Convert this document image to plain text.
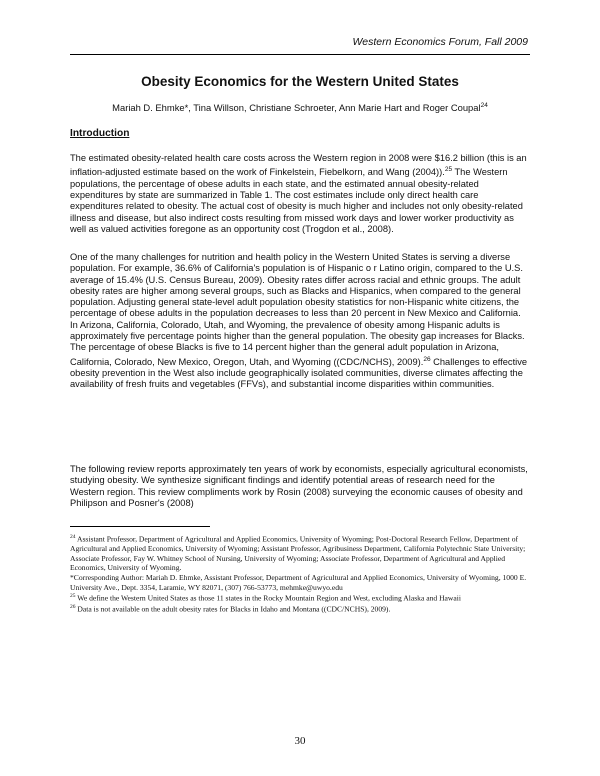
Western Economics Forum, Fall 2009
Obesity Economics for the Western United States
Mariah D. Ehmke*, Tina Willson, Christiane Schroeter, Ann Marie Hart and Roger Coupal$^{24}$
Introduction

The estimated obesity-related health care costs across the Western region in 2008 were $16.2 billion (this is an inflation-adjusted estimate based on the work of Finkelstein, Fiebelkorn, and Wang (2004)).$^{25}$ The Western populations, the percentage of obese adults in each state, and the estimated annual obesity-related expenditures by state are summarized in Table 1. The cost estimates include only direct health care expenditures related to obesity. The actual cost of obesity is much higher and includes not only obesity-related illness and disease, but also indirect costs resulting from missed work days and lower worker productivity as well as valued activities foregone as an opportunity cost (Trogdon et al., 2008).

One of the many challenges for nutrition and health policy in the Western United States is serving a diverse population. For example, 36.6% of California's population is of Hispanic o r Latino origin, compared to the U.S. average of 15.4% (U.S. Census Bureau, 2009). Obesity rates differ across racial and ethnic groups. The adult obesity rates are higher among several groups, such as Blacks and Hispanics, when compared to the general population. Adjusting general state-level adult population obesity statistics for non-Hispanic white citizens, the percentage of obese adults in the population decreases to less than 20 percent in New Mexico and California. In Arizona, California, Colorado, Utah, and Wyoming, the prevalence of obesity among Hispanic adults is approximately five percentage points higher than the general population. The obesity gap increases for Blacks. The percentage of obese Blacks is five to 14 percent higher than the general adult population in Arizona, California, Colorado, New Mexico, Oregon, Utah, and Wyoming ((CDC/NCHS), 2009).$^{26}$ Challenges to effective obesity prevention in the West also include geographically isolated communities, diverse climates affecting the availability of fresh fruits and vegetables (FFVs), and substantial income disparities within communities.

The following review reports approximately ten years of work by economists, especially agricultural economists, studying obesity. We synthesize significant findings and identify potential areas of research need for the Western region. This review compliments work by Rosin (2008) surveying the economic causes of obesity and Philipson and Posner's (2008)

$^{24}$ Assistant Professor, Department of Agricultural and Applied Economics, University of Wyoming; Post-Doctoral Research Fellow, Department of Agricultural and Applied Economics, University of Wyoming; Assistant Professor, Agribusiness Department, California Polytechnic State University; Associate Professor, Fay W. Whitney School of Nursing, University of Wyoming; Associate Professor, Department of Agricultural and Applied Economics, University of Wyoming.

*Corresponding Author: Mariah D. Ehmke, Assistant Professor, Department of Agricultural and Applied Economics, University of Wyoming, 1000 E. University Ave., Dept. 3354, Laramie, WY 82071, (307) 766-53773, mehmke@uwyo.edu

$^{25}$ We define the Western United States as those 11 states in the Rocky Mountain Region and West, excluding Alaska and Hawaii

$^{26}$ Data is not available on the adult obesity rates for Blacks in Idaho and Montana ((CDC/NCHS), 2009).

30
